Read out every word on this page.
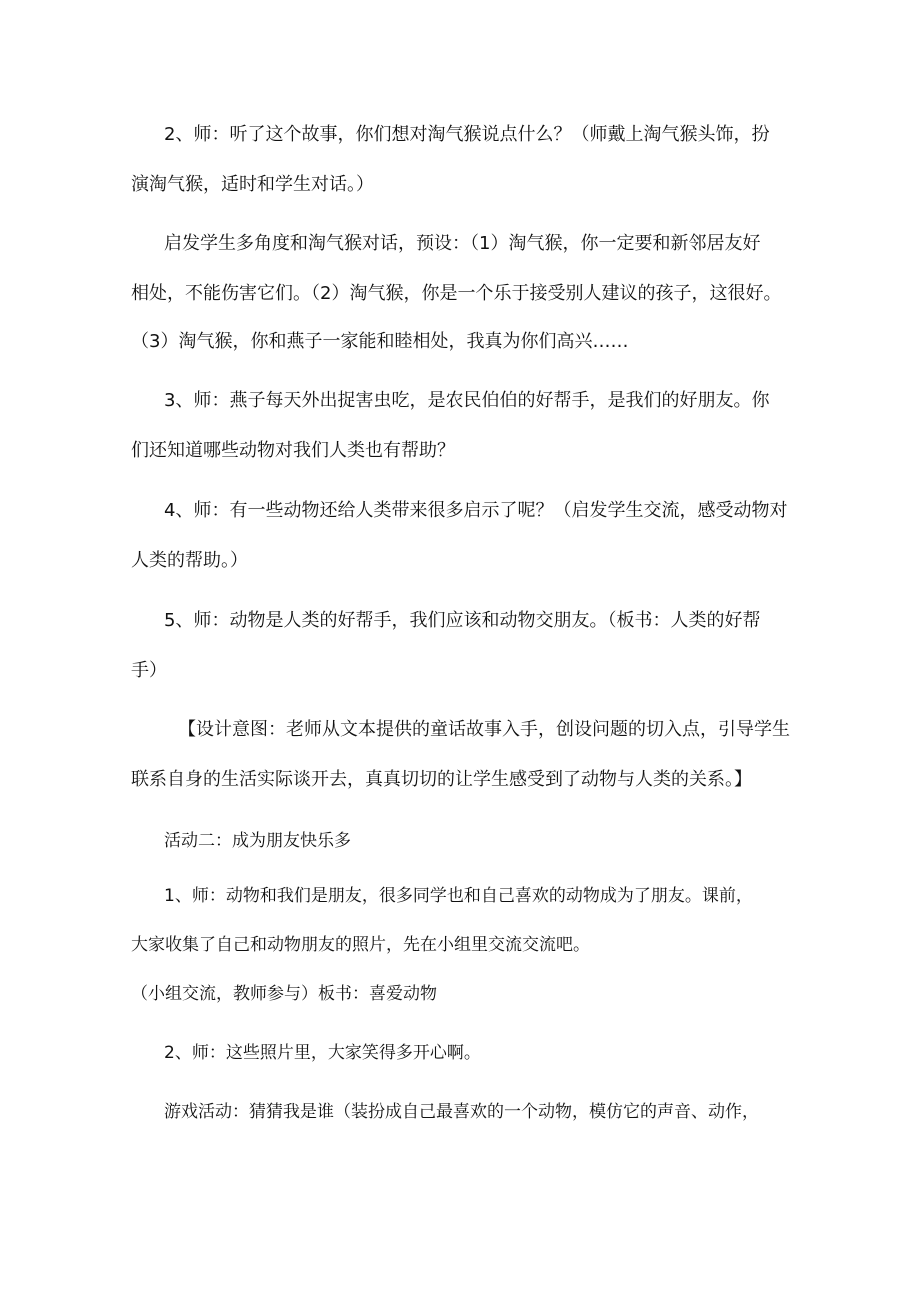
2、师：听了这个故事，你们想对淘气猴说点什么？（师戴上淘气猴头饰，扮
演淘气猴，适时和学生对话。）
启发学生多角度和淘气猴对话，预设：（1）淘气猴，你一定要和新邻居友好
相处，不能伤害它们。（2）淘气猴，你是一个乐于接受别人建议的孩子，这很好。
（3）淘气猴，你和燕子一家能和睦相处，我真为你们高兴……
3、师：燕子每天外出捉害虫吃，是农民伯伯的好帮手，是我们的好朋友。你
们还知道哪些动物对我们人类也有帮助？
4、师：有一些动物还给人类带来很多启示了呢？（启发学生交流，感受动物对
人类的帮助。）
5、师：动物是人类的好帮手，我们应该和动物交朋友。（板书：人类的好帮
手）
【设计意图：老师从文本提供的童话故事入手，创设问题的切入点，引导学生
联系自身的生活实际谈开去，真真切切的让学生感受到了动物与人类的关系。】
活动二：成为朋友快乐多
1、师：动物和我们是朋友，很多同学也和自己喜欢的动物成为了朋友。课前，
大家收集了自己和动物朋友的照片，先在小组里交流交流吧。
（小组交流，教师参与）板书：喜爱动物
2、师：这些照片里，大家笑得多开心啊。
游戏活动：猜猜我是谁（装扮成自己最喜欢的一个动物，模仿它的声音、动作，
